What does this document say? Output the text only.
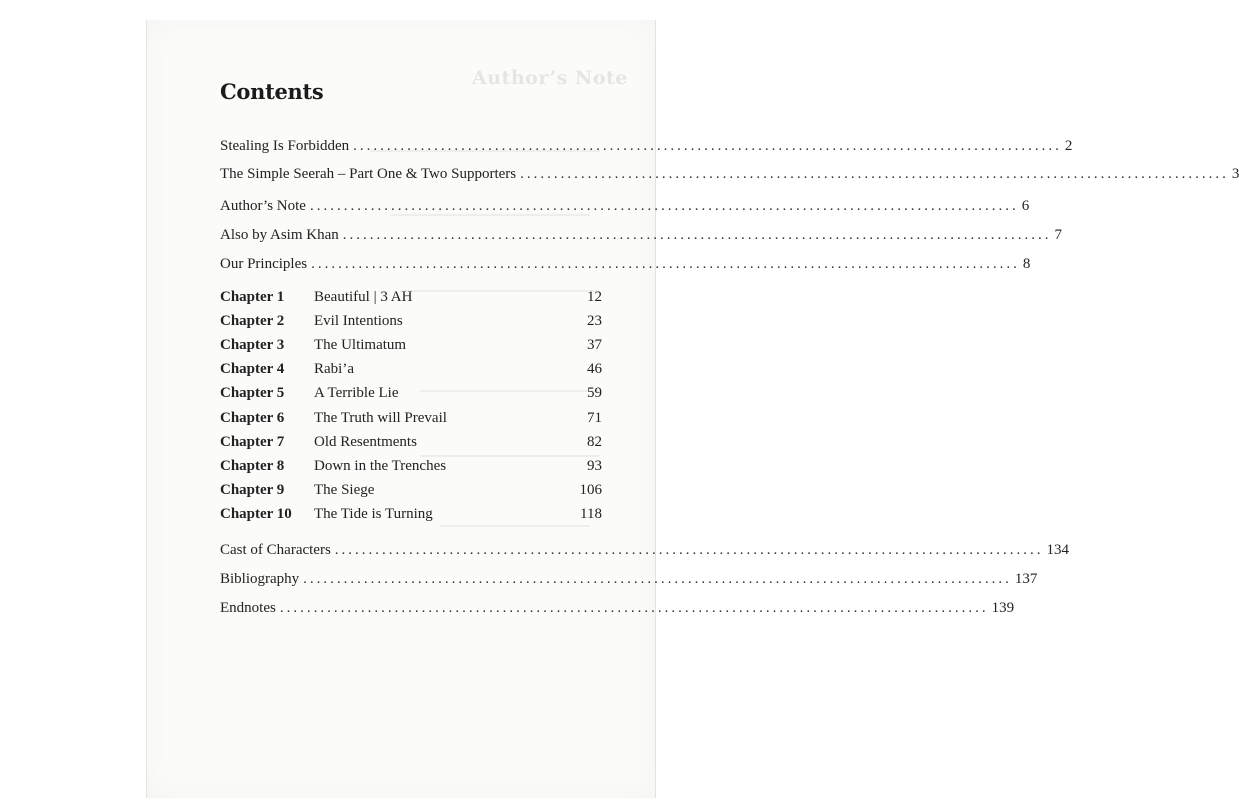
Author’s Note
Contents
Stealing Is Forbidden ......................................................................................................... 2
The Simple Seerah – Part One & Two Supporters ......................................................................................................... 3
Author’s Note ......................................................................................................... 6
Also by Asim Khan ......................................................................................................... 7
Our Principles ......................................................................................................... 8
Chapter 1 Beautiful | 3 AH	12
Chapter 2 Evil Intentions	23
Chapter 3 The Ultimatum	37
Chapter 4 Rabi’a	46
Chapter 5 A Terrible Lie	59
Chapter 6 The Truth will Prevail	71
Chapter 7 Old Resentments	82
Chapter 8 Down in the Trenches	93
Chapter 9 The Siege	106
Chapter 10 The Tide is Turning	118
Cast of Characters ......................................................................................................... 134
Bibliography ......................................................................................................... 137
Endnotes ......................................................................................................... 139
